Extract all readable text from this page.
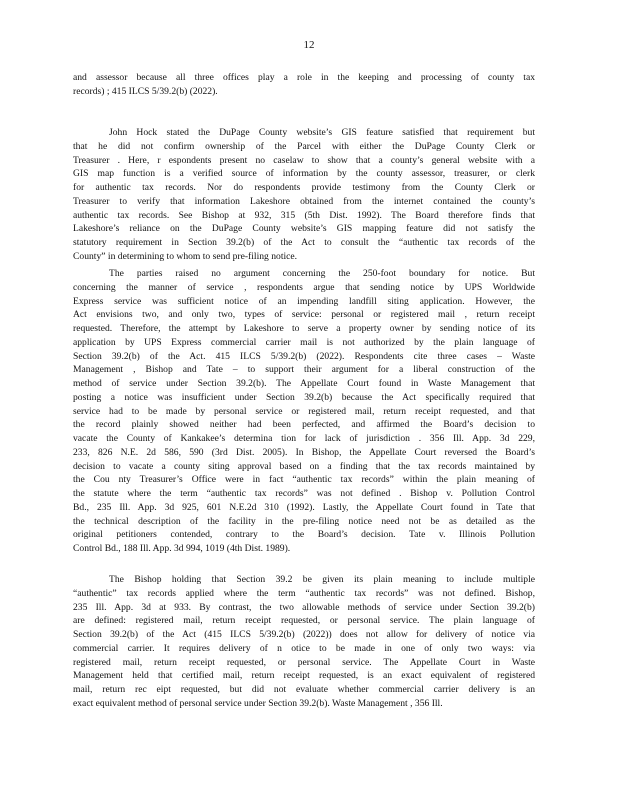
12
and assessor because all three offices play a role in the keeping and processing of county tax
records) ; 415 ILCS 5/39.2(b) (2022).
John Hock stated the DuPage County website’s GIS feature satisfied that requirement but
that he did not confirm ownership of the Parcel with either the DuPage County Clerk or
Treasurer . Here, r espondents present no caselaw to show that a county’s general website with a
GIS map function is a verified source of information by the county assessor, treasurer, or clerk
for authentic tax records. Nor do respondents provide testimony from the County Clerk or
Treasurer to verify that information Lakeshore obtained from the internet contained the county’s
authentic tax records. See Bishop at 932, 315 (5th Dist. 1992). The Board therefore finds that
Lakeshore’s reliance on the DuPage County website’s GIS mapping feature did not satisfy the
statutory requirement in Section 39.2(b) of the Act to consult the “authentic tax records of the
County” in determining to whom to send pre-filing notice.
The parties raised no argument concerning the 250-foot boundary for notice. But
concerning the manner of service , respondents argue that sending notice by UPS Worldwide
Express service was sufficient notice of an impending landfill siting application. However, the
Act envisions two, and only two, types of service: personal or registered mail , return receipt
requested. Therefore, the attempt by Lakeshore to serve a property owner by sending notice of its
application by UPS Express commercial carrier mail is not authorized by the plain language of
Section 39.2(b) of the Act. 415 ILCS 5/39.2(b) (2022). Respondents cite three cases – Waste
Management , Bishop and Tate – to support their argument for a liberal construction of the
method of service under Section 39.2(b). The Appellate Court found in Waste Management that
posting a notice was insufficient under Section 39.2(b) because the Act specifically required that
service had to be made by personal service or registered mail, return receipt requested, and that
the record plainly showed neither had been perfected, and affirmed the Board’s decision to
vacate the County of Kankakee’s determina tion for lack of jurisdiction . 356 Ill. App. 3d 229,
233, 826 N.E. 2d 586, 590 (3rd Dist. 2005). In Bishop, the Appellate Court reversed the Board’s
decision to vacate a county siting approval based on a finding that the tax records maintained by
the Cou nty Treasurer’s Office were in fact “authentic tax records” within the plain meaning of
the statute where the term “authentic tax records” was not defined . Bishop v. Pollution Control
Bd., 235 Ill. App. 3d 925, 601 N.E.2d 310 (1992). Lastly, the Appellate Court found in Tate that
the technical description of the facility in the pre-filing notice need not be as detailed as the
original petitioners contended, contrary to the Board’s decision. Tate v. Illinois Pollution
Control Bd., 188 Ill. App. 3d 994, 1019 (4th Dist. 1989).
The Bishop holding that Section 39.2 be given its plain meaning to include multiple
“authentic” tax records applied where the term “authentic tax records” was not defined. Bishop,
235 Ill. App. 3d at 933. By contrast, the two allowable methods of service under Section 39.2(b)
are defined: registered mail, return receipt requested, or personal service. The plain language of
Section 39.2(b) of the Act (415 ILCS 5/39.2(b) (2022)) does not allow for delivery of notice via
commercial carrier. It requires delivery of n otice to be made in one of only two ways: via
registered mail, return receipt requested, or personal service. The Appellate Court in Waste
Management held that certified mail, return receipt requested, is an exact equivalent of registered
mail, return rec eipt requested, but did not evaluate whether commercial carrier delivery is an
exact equivalent method of personal service under Section 39.2(b). Waste Management , 356 Ill.
